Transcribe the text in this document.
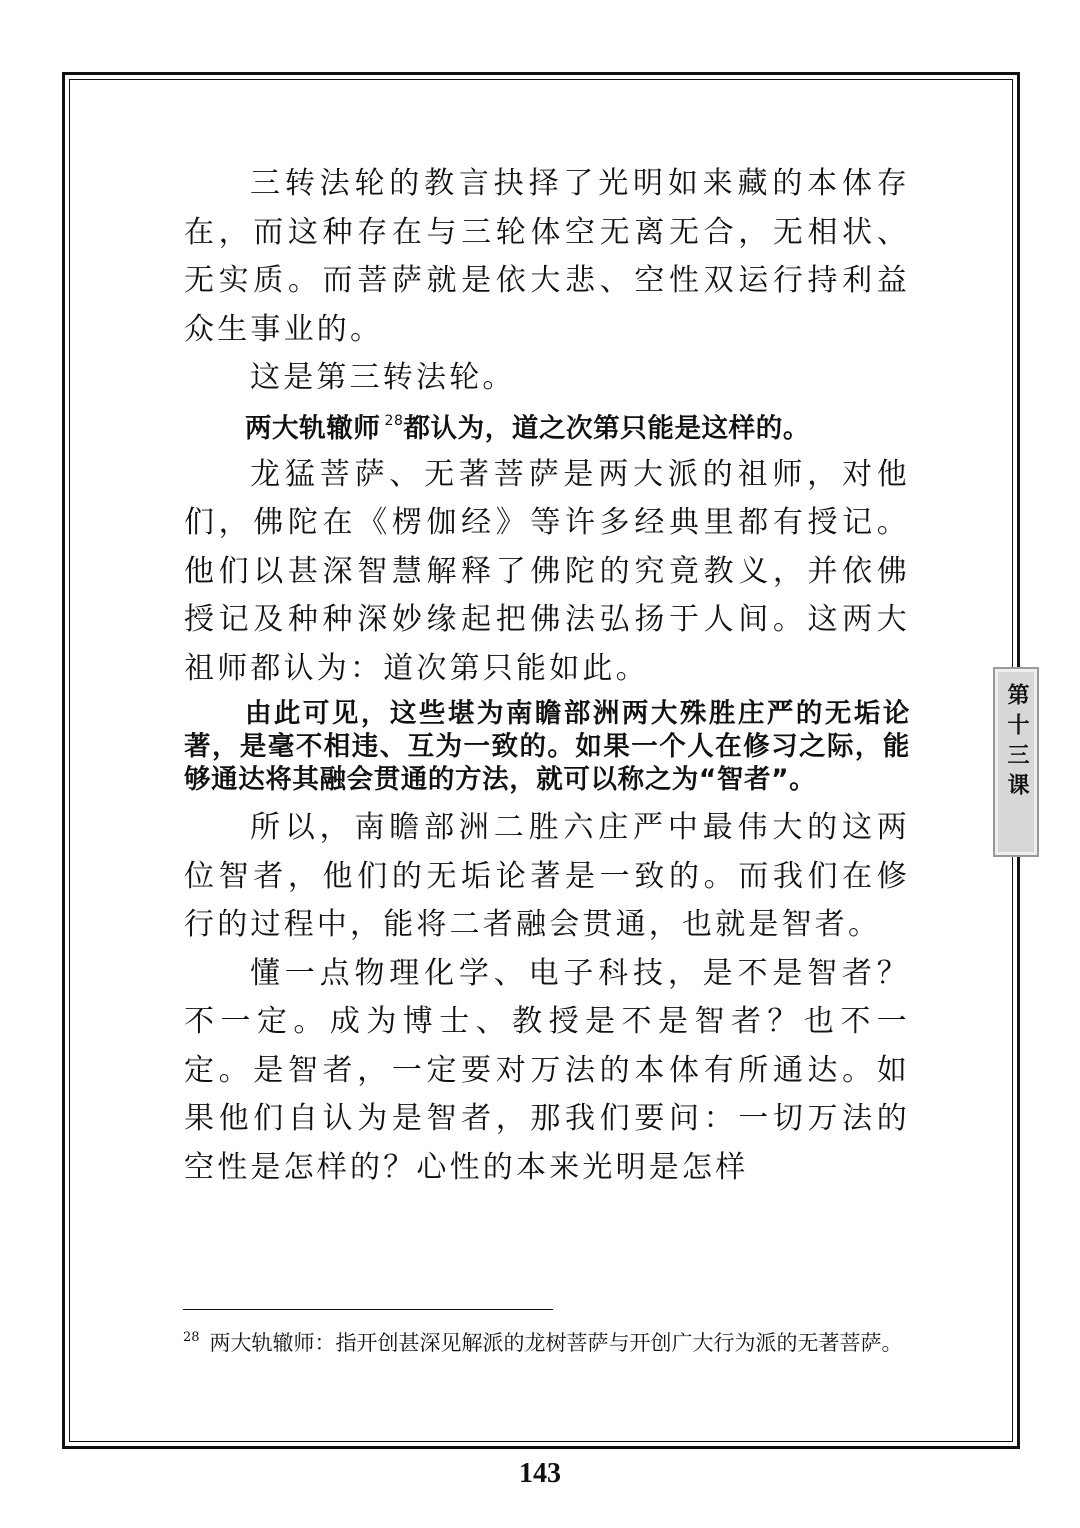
三转法轮的教言抉择了光明如来藏的本体存在，而这种存在与三轮体空无离无合，无相状、无实质。而菩萨就是依大悲、空性双运行持利益众生事业的。

这是第三转法轮。

两大轨辙师 $^{28}$都认为，道之次第只能是这样的。

龙猛菩萨、无著菩萨是两大派的祖师，对他们，佛陀在《楞伽经》等许多经典里都有授记。他们以甚深智慧解释了佛陀的究竟教义，并依佛授记及种种深妙缘起把佛法弘扬于人间。这两大祖师都认为：道次第只能如此。

由此可见，这些堪为南瞻部洲两大殊胜庄严的无垢论著，是毫不相违、互为一致的。如果一个人在修习之际，能够通达将其融会贯通的方法，就可以称之为“智者”。

所以，南瞻部洲二胜六庄严中最伟大的这两位智者，他们的无垢论著是一致的。而我们在修行的过程中，能将二者融会贯通，也就是智者。

懂一点物理化学、电子科技，是不是智者？不一定。成为博士、教授是不是智者？也不一定。是智者，一定要对万法的本体有所通达。如果他们自认为是智者，那我们要问：一切万法的空性是怎样的？心性的本来光明是怎样

第十三课
$^{28}$ 两大轨辙师：指开创甚深见解派的龙树菩萨与开创广大行为派的无著菩萨。
143
